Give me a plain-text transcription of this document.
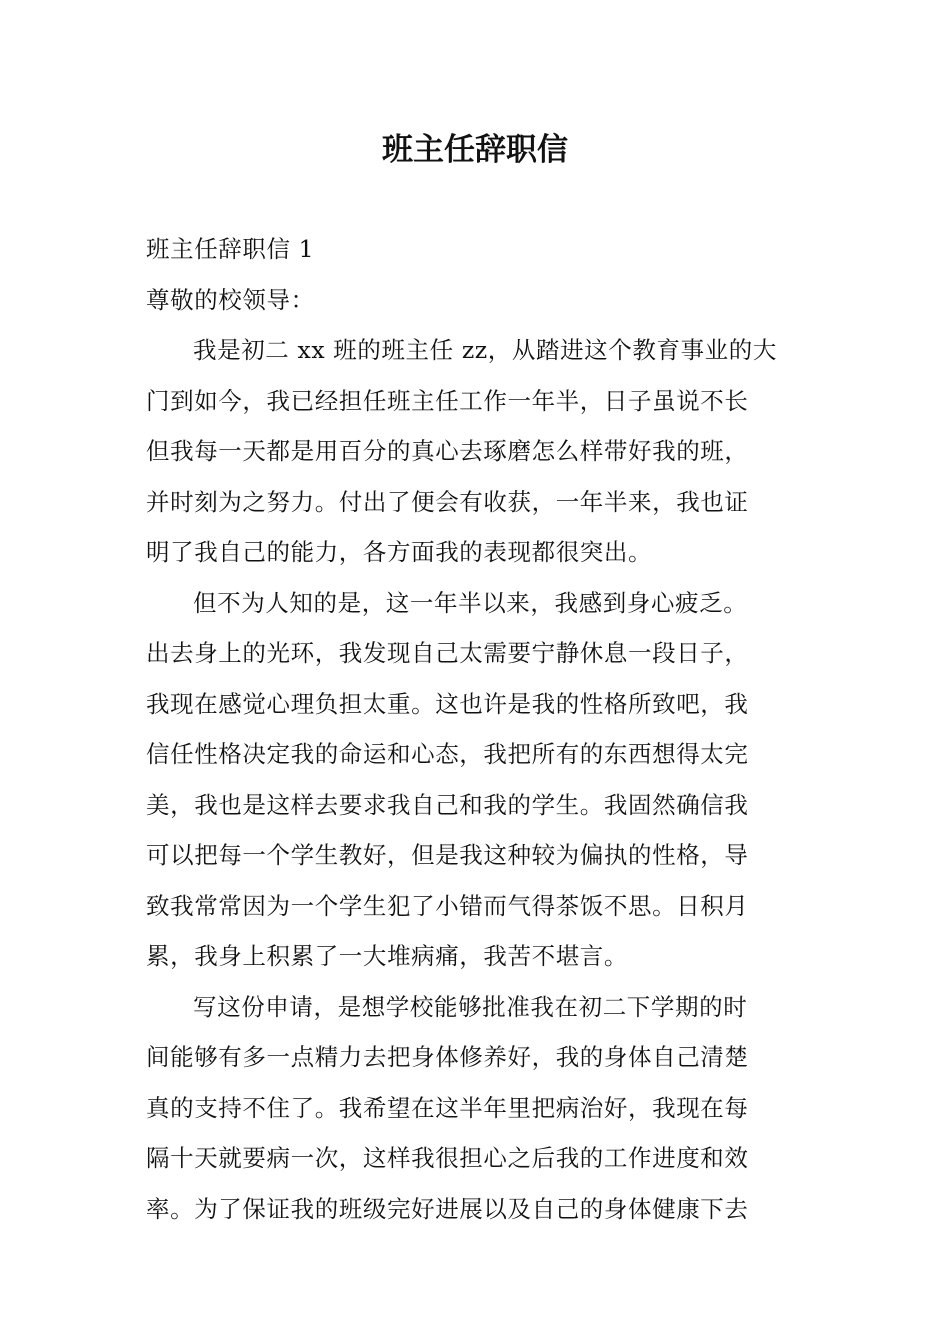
班主任辞职信
班主任辞职信 1
尊敬的校领导：
我是初二 xx 班的班主任 zz，从踏进这个教育事业的大
门到如今，我已经担任班主任工作一年半，日子虽说不长
但我每一天都是用百分的真心去琢磨怎么样带好我的班，
并时刻为之努力。付出了便会有收获，一年半来，我也证
明了我自己的能力，各方面我的表现都很突出。
但不为人知的是，这一年半以来，我感到身心疲乏。
出去身上的光环，我发现自己太需要宁静休息一段日子，
我现在感觉心理负担太重。这也许是我的性格所致吧，我
信任性格决定我的命运和心态，我把所有的东西想得太完
美，我也是这样去要求我自己和我的学生。我固然确信我
可以把每一个学生教好，但是我这种较为偏执的性格，导
致我常常因为一个学生犯了小错而气得茶饭不思。日积月
累，我身上积累了一大堆病痛，我苦不堪言。
写这份申请，是想学校能够批准我在初二下学期的时
间能够有多一点精力去把身体修养好，我的身体自己清楚
真的支持不住了。我希望在这半年里把病治好，我现在每
隔十天就要病一次，这样我很担心之后我的工作进度和效
率。为了保证我的班级完好进展以及自己的身体健康下去
